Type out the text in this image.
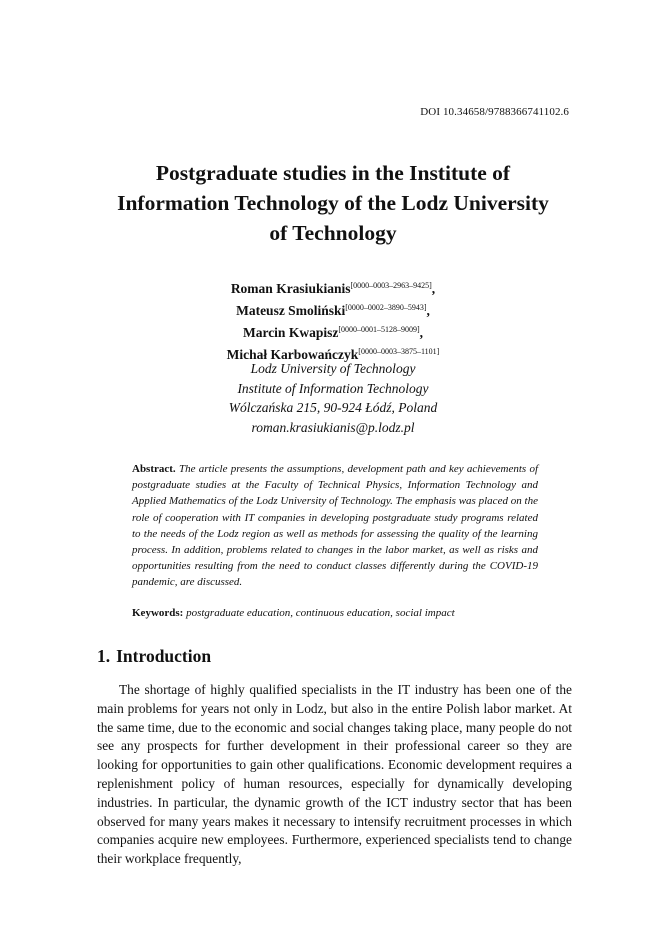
DOI 10.34658/9788366741102.6
Postgraduate studies in the Institute of
Information Technology of the Lodz University
of Technology
Roman Krasiukianis[0000–0003–2963–9425],
Mateusz Smoliński[0000–0002–3890–5943],
Marcin Kwapisz[0000–0001–5128–9009],
Michał Karbowańczyk[0000–0003–3875–1101]
Lodz University of Technology
Institute of Information Technology
Wólczańska 215, 90-924 Łódź, Poland
roman.krasiukianis@p.lodz.pl
Abstract. The article presents the assumptions, development path and key achievements of postgraduate studies at the Faculty of Technical Physics, Information Technology and Applied Mathematics of the Lodz University of Technology. The emphasis was placed on the role of cooperation with IT companies in developing postgraduate study programs related to the needs of the Lodz region as well as methods for assessing the quality of the learning process. In addition, problems related to changes in the labor market, as well as risks and opportunities resulting from the need to conduct classes differently during the COVID-19 pandemic, are discussed.
Keywords: postgraduate education, continuous education, social impact
1. Introduction

The shortage of highly qualified specialists in the IT industry has been one of the main problems for years not only in Lodz, but also in the entire Polish labor market. At the same time, due to the economic and social changes taking place, many people do not see any prospects for further development in their professional career so they are looking for opportunities to gain other qualifications. Economic development requires a replenishment policy of human resources, especially for dynamically developing industries. In particular, the dynamic growth of the ICT industry sector that has been observed for many years makes it necessary to intensify recruitment processes in which companies acquire new employees. Furthermore, experienced specialists tend to change their workplace frequently,
